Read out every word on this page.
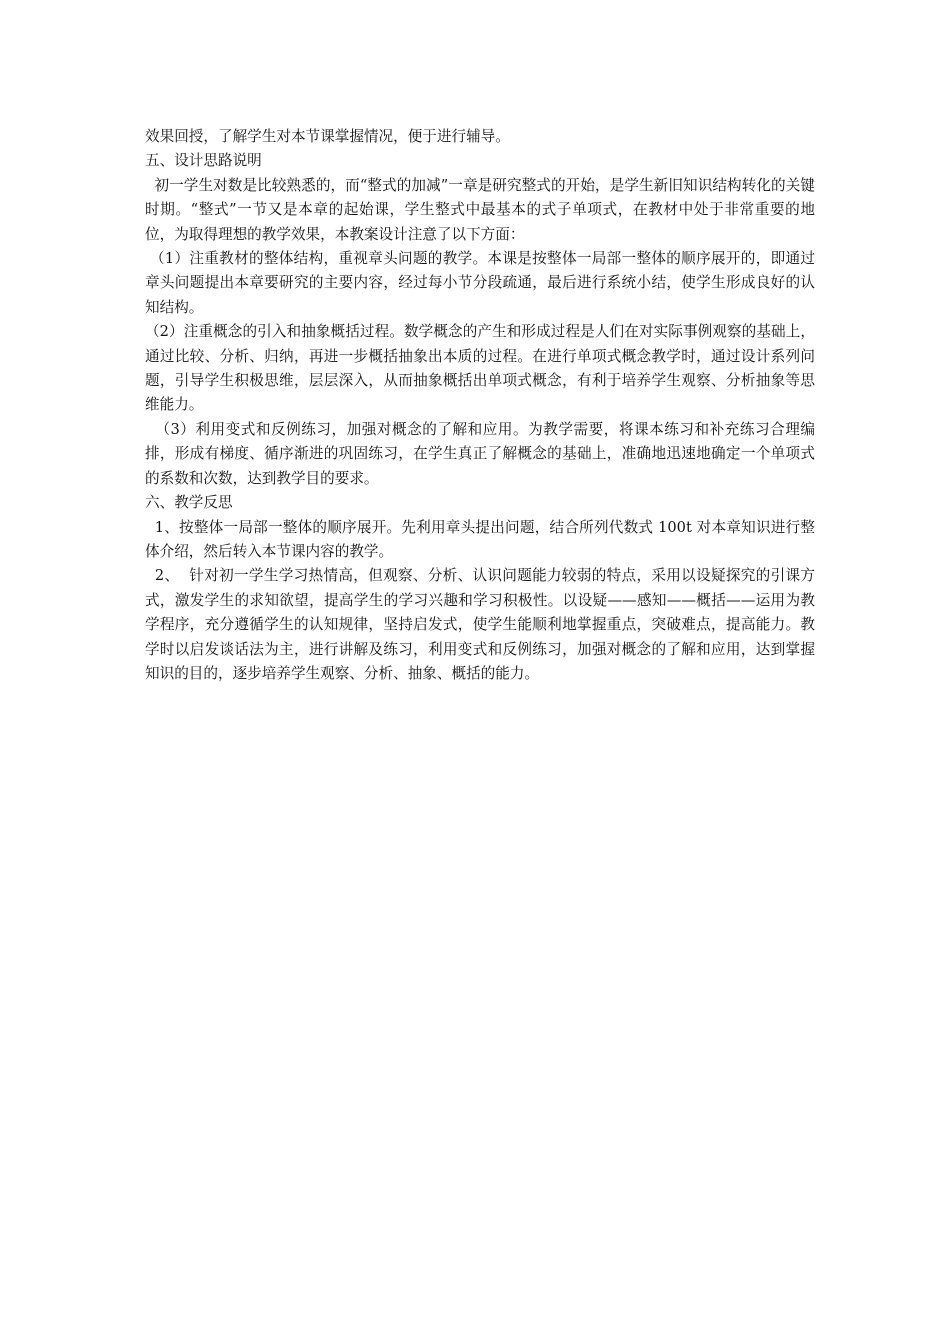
效果回授，了解学生对本节课掌握情况，便于进行辅导。

五、设计思路说明

初一学生对数是比较熟悉的，而“整式的加减”一章是研究整式的开始，是学生新旧知识结构转化的关键时期。“整式”一节又是本章的起始课，学生整式中最基本的式子单项式，在教材中处于非常重要的地位，为取得理想的教学效果，本教案设计注意了以下方面：

（1）注重教材的整体结构，重视章头问题的教学。本课是按整体一局部一整体的顺序展开的，即通过章头问题提出本章要研究的主要内容，经过每小节分段疏通，最后进行系统小结，使学生形成良好的认知结构。

（2）注重概念的引入和抽象概括过程。数学概念的产生和形成过程是人们在对实际事例观察的基础上，通过比较、分析、归纳，再进一步概括抽象出本质的过程。在进行单项式概念教学时，通过设计系列问题，引导学生积极思维，层层深入，从而抽象概括出单项式概念，有利于培养学生观察、分析抽象等思维能力。

（3）利用变式和反例练习，加强对概念的了解和应用。为教学需要，将课本练习和补充练习合理编排，形成有梯度、循序渐进的巩固练习，在学生真正了解概念的基础上，准确地迅速地确定一个单项式的系数和次数，达到教学目的要求。

六、教学反思

1、按整体一局部一整体的顺序展开。先利用章头提出问题，结合所列代数式 100t 对本章知识进行整体介绍，然后转入本节课内容的教学。

2、  针对初一学生学习热情高，但观察、分析、认识问题能力较弱的特点，采用以设疑探究的引课方式，激发学生的求知欲望，提高学生的学习兴趣和学习积极性。以设疑——感知——概括——运用为教学程序，充分遵循学生的认知规律，坚持启发式，使学生能顺利地掌握重点，突破难点，提高能力。教学时以启发谈话法为主，进行讲解及练习，利用变式和反例练习，加强对概念的了解和应用，达到掌握知识的目的，逐步培养学生观察、分析、抽象、概括的能力。
